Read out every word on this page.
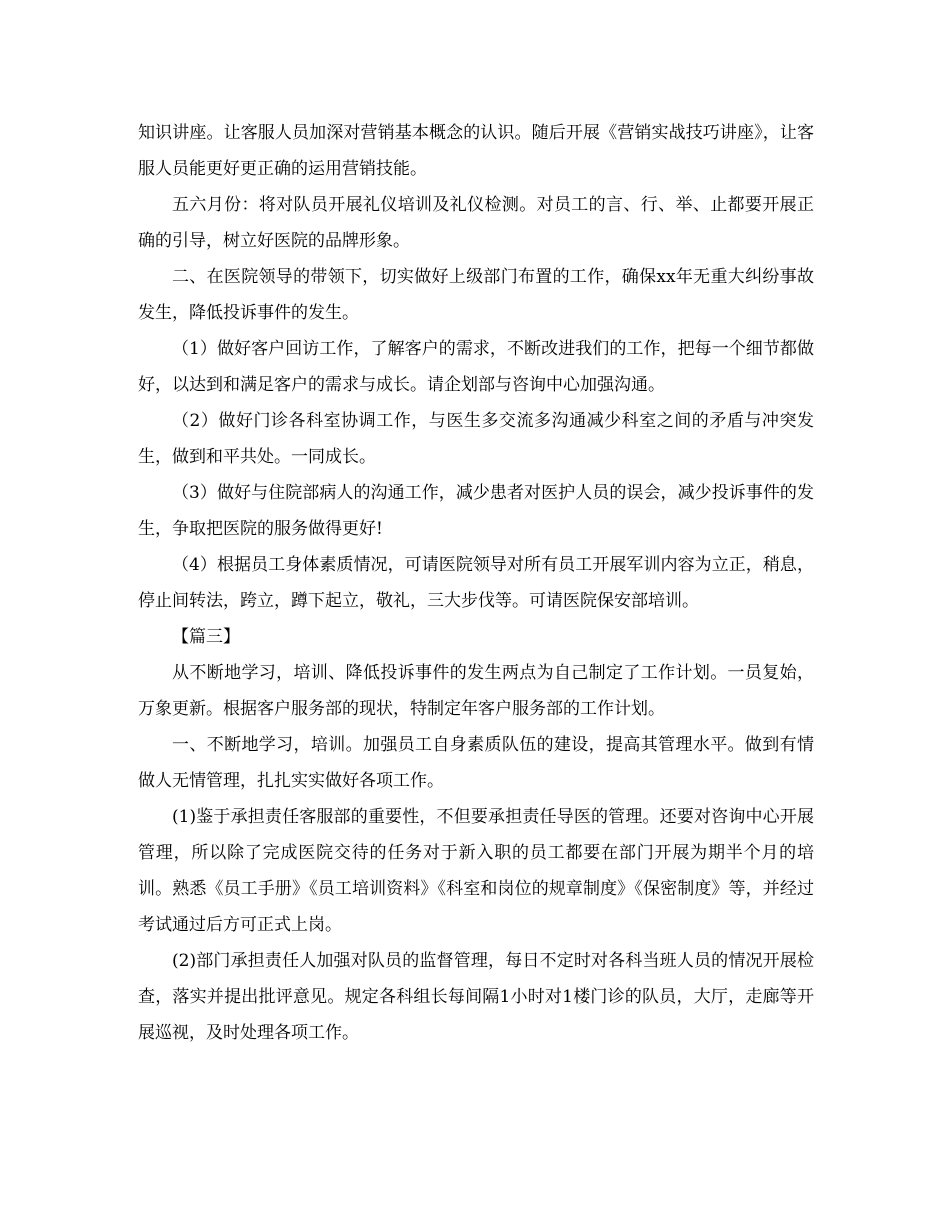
知识讲座。让客服人员加深对营销基本概念的认识。随后开展《营销实战技巧讲座》，让客服人员能更好更正确的运用营销技能。

五六月份：将对队员开展礼仪培训及礼仪检测。对员工的言、行、举、止都要开展正确的引导，树立好医院的品牌形象。

二、在医院领导的带领下，切实做好上级部门布置的工作，确保xx年无重大纠纷事故发生，降低投诉事件的发生。

（1）做好客户回访工作，了解客户的需求，不断改进我们的工作，把每一个细节都做好，以达到和满足客户的需求与成长。请企划部与咨询中心加强沟通。

（2）做好门诊各科室协调工作，与医生多交流多沟通减少科室之间的矛盾与冲突发生，做到和平共处。一同成长。

（3）做好与住院部病人的沟通工作，减少患者对医护人员的误会，减少投诉事件的发生，争取把医院的服务做得更好!

（4）根据员工身体素质情况，可请医院领导对所有员工开展军训内容为立正，稍息，停止间转法，跨立，蹲下起立，敬礼，三大步伐等。可请医院保安部培训。

【篇三】

从不断地学习，培训、降低投诉事件的发生两点为自己制定了工作计划。一员复始，万象更新。根据客户服务部的现状，特制定年客户服务部的工作计划。

一、不断地学习，培训。加强员工自身素质队伍的建设，提高其管理水平。做到有情做人无情管理，扎扎实实做好各项工作。

(1)鉴于承担责任客服部的重要性，不但要承担责任导医的管理。还要对咨询中心开展管理，所以除了完成医院交待的任务对于新入职的员工都要在部门开展为期半个月的培训。熟悉《员工手册》《员工培训资料》《科室和岗位的规章制度》《保密制度》等，并经过考试通过后方可正式上岗。

(2)部门承担责任人加强对队员的监督管理，每日不定时对各科当班人员的情况开展检查，落实并提出批评意见。规定各科组长每间隔1小时对1楼门诊的队员，大厅，走廊等开展巡视，及时处理各项工作。
